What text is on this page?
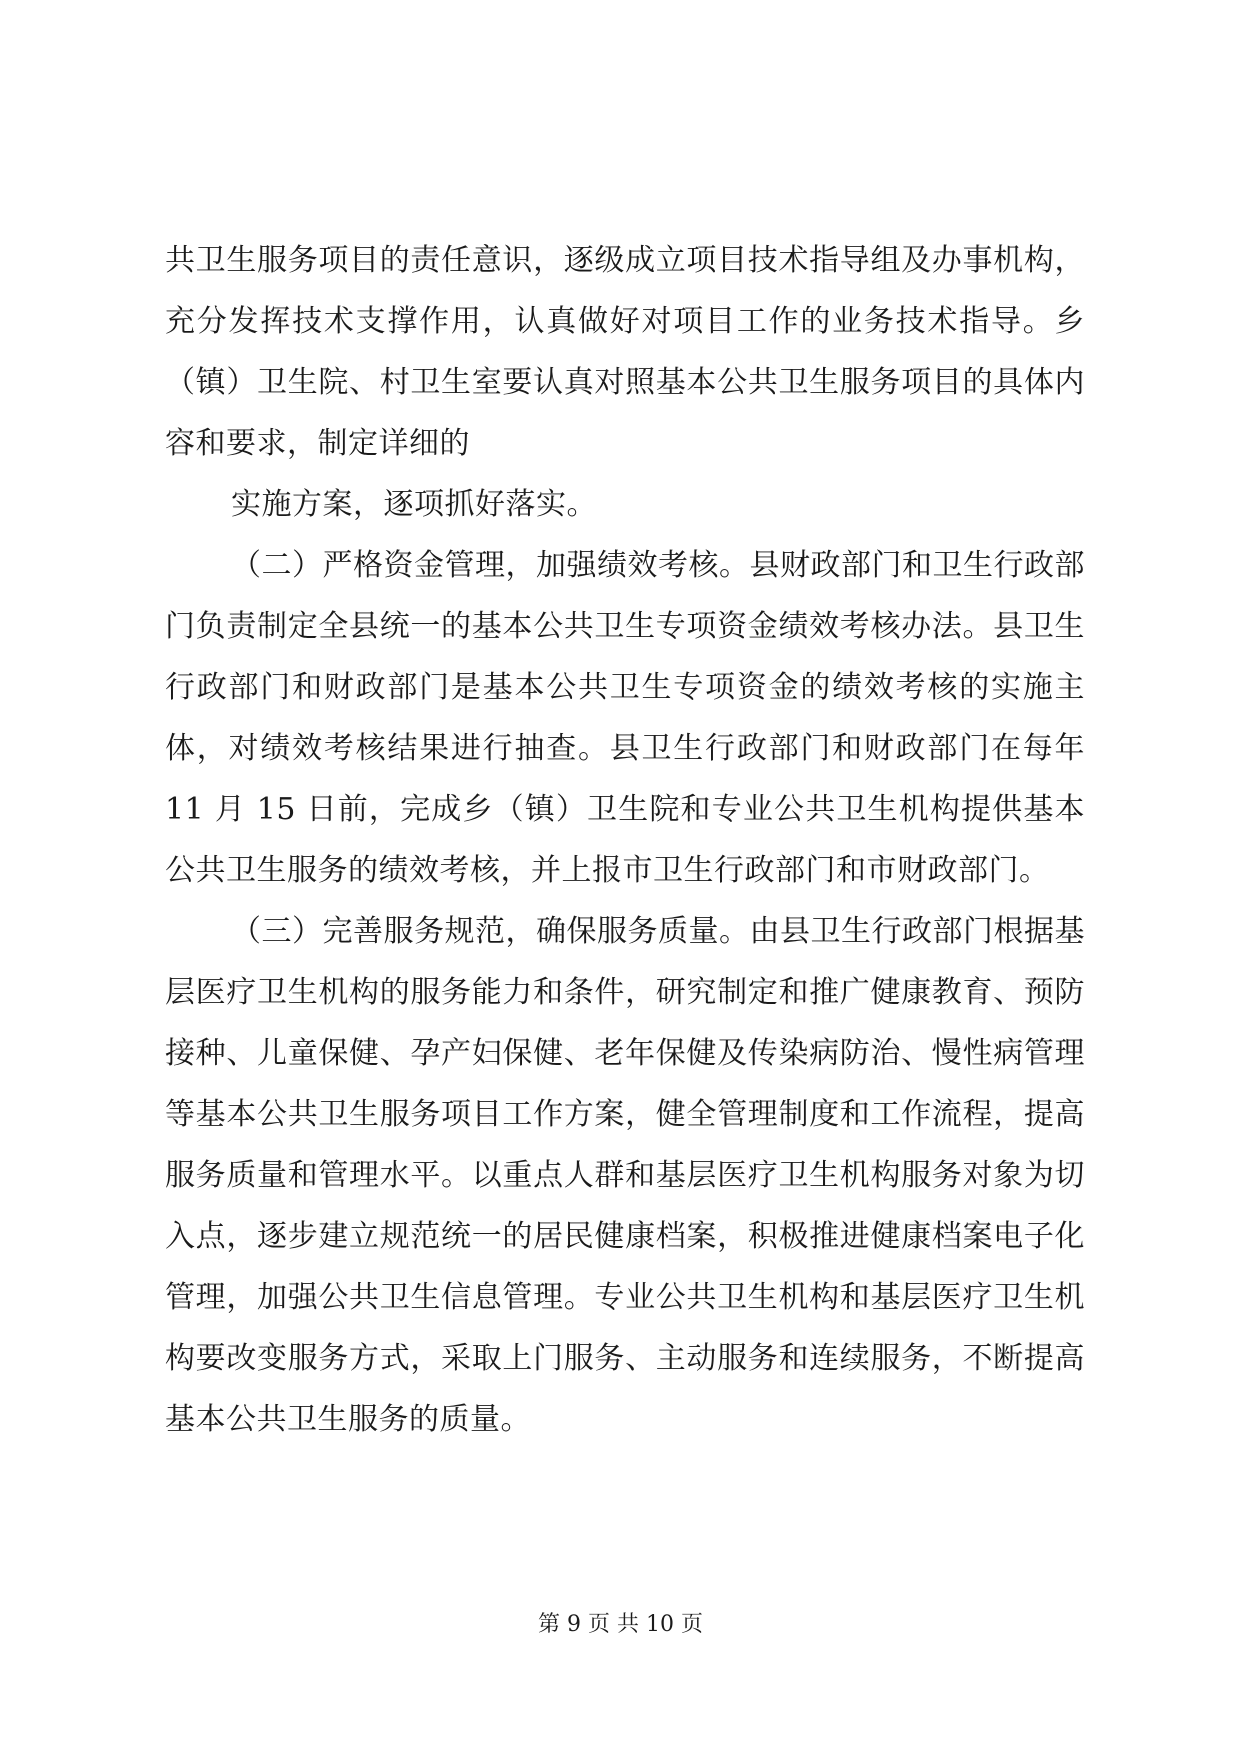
共卫生服务项目的责任意识，逐级成立项目技术指导组及办事机构，充分发挥技术支撑作用，认真做好对项目工作的业务技术指导。乡（镇）卫生院、村卫生室要认真对照基本公共卫生服务项目的具体内容和要求，制定详细的

实施方案，逐项抓好落实。

（二）严格资金管理，加强绩效考核。县财政部门和卫生行政部门负责制定全县统一的基本公共卫生专项资金绩效考核办法。县卫生行政部门和财政部门是基本公共卫生专项资金的绩效考核的实施主体，对绩效考核结果进行抽查。县卫生行政部门和财政部门在每年 11 月 15 日前，完成乡（镇）卫生院和专业公共卫生机构提供基本公共卫生服务的绩效考核，并上报市卫生行政部门和市财政部门。

（三）完善服务规范，确保服务质量。由县卫生行政部门根据基层医疗卫生机构的服务能力和条件，研究制定和推广健康教育、预防接种、儿童保健、孕产妇保健、老年保健及传染病防治、慢性病管理等基本公共卫生服务项目工作方案，健全管理制度和工作流程，提高服务质量和管理水平。以重点人群和基层医疗卫生机构服务对象为切入点，逐步建立规范统一的居民健康档案，积极推进健康档案电子化管理，加强公共卫生信息管理。专业公共卫生机构和基层医疗卫生机构要改变服务方式，采取上门服务、主动服务和连续服务，不断提高基本公共卫生服务的质量。

第 9 页 共 10 页
